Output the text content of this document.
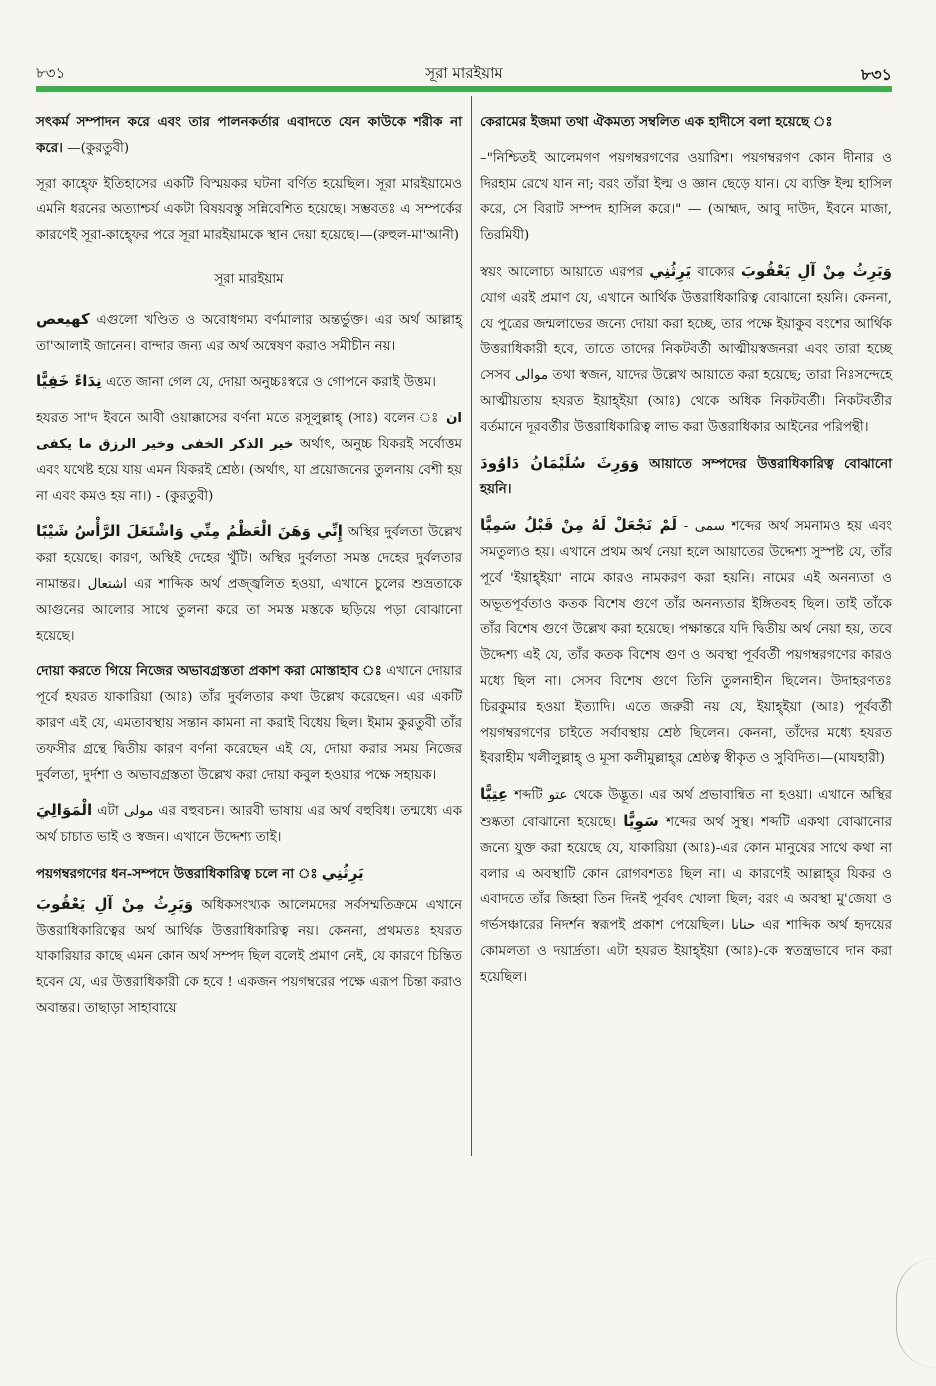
৮৩১	সূরা মারইয়াম	৮৩১

সৎকর্ম সম্পাদন করে এবং তার পালনকর্তার এবাদতে যেন কাউকে শরীক না করে। —(কুরতুবী)

সূরা কাহ্ফে ইতিহাসের একটি বিস্ময়কর ঘটনা বর্ণিত হয়েছিল। সূরা মারইয়ামেও এমনি ধরনের অত্যাশ্চর্য একটা বিষয়বস্তু সন্নিবেশিত হয়েছে। সম্ভবতঃ এ সম্পর্কের কারণেই সূরা-কাহ্ফের পরে সূরা মারইয়ামকে স্থান দেয়া হয়েছে।—(রুহুল-মা'আনী)

সূরা মারইয়াম

كهيعص এগুলো খণ্ডিত ও অবোধগম্য বর্ণমালার অন্তর্ভুক্ত। এর অর্থ আল্লাহ্ তা'আলাই জানেন। বান্দার জন্য এর অর্থ অন্বেষণ করাও সমীচীন নয়।

نِدَاءً خَفِيًّا এতে জানা গেল যে, দোয়া অনুচ্চঃস্বরে ও গোপনে করাই উত্তম।

হযরত সা'দ ইবনে আবী ওয়াক্কাসের বর্ণনা মতে রসূলুল্লাহ্ (সাঃ) বলেন ঃ ان خير الذكر الخفى وخير الرزق ما يكفى অর্থাৎ, অনুচ্চ যিকরই সর্বোত্তম এবং যথেষ্ট হয়ে যায় এমন যিকরই শ্রেষ্ঠ। (অর্থাৎ, যা প্রয়োজনের তুলনায় বেশী হয় না এবং কমও হয় না।) - (কুরতুবী)

إِنِّي وَهَنَ الْعَظْمُ مِنِّي وَاشْتَعَلَ الرَّأْسُ شَيْبًا অস্থির দুর্বলতা উল্লেখ করা হয়েছে। কারণ, অস্থিই দেহের খুঁটি। অস্থির দুর্বলতা সমস্ত দেহের দুর্বলতার নামান্তর। اشتعال এর শাব্দিক অর্থ প্রজ্জ্বলিত হওয়া, এখানে চুলের শুভ্রতাকে আগুনের আলোর সাথে তুলনা করে তা সমস্ত মস্তকে ছড়িয়ে পড়া বোঝানো হয়েছে।

দোয়া করতে গিয়ে নিজের অভাবগ্রস্ততা প্রকাশ করা মোস্তাহাব ঃ এখানে দোয়ার পূর্বে হযরত যাকারিয়া (আঃ) তাঁর দুর্বলতার কথা উল্লেখ করেছেন। এর একটি কারণ এই যে, এমতাবস্থায় সন্তান কামনা না করাই বিধেয় ছিল। ইমাম কুরতুবী তাঁর তফসীর গ্রন্থে দ্বিতীয় কারণ বর্ণনা করেছেন এই যে, দোয়া করার সময় নিজের দুর্বলতা, দুর্দশা ও অভাবগ্রস্ততা উল্লেখ করা দোয়া কবুল হওয়ার পক্ষে সহায়ক।

الْمَوَالِيَ এটা مولى এর বহুবচন। আরবী ভাষায় এর অর্থ বহুবিধ। তন্মধ্যে এক অর্থ চাচাত ভাই ও স্বজন। এখানে উদ্দেশ্য তাই।

পয়গম্বরগণের ধন-সম্পদে উত্তরাধিকারিত্ব চলে না ঃ يَرِثُنِي

وَيَرِثُ مِنْ آلِ يَعْقُوبَ অধিকসংখ্যক আলেমদের সর্বসম্মতিক্রমে এখানে উত্তরাধিকারিত্বের অর্থ আর্থিক উত্তরাধিকারিত্ব নয়। কেননা, প্রথমতঃ হযরত যাকারিয়ার কাছে এমন কোন অর্থ সম্পদ ছিল বলেই প্রমাণ নেই, যে কারণে চিন্তিত হবেন যে, এর উত্তরাধিকারী কে হবে ! একজন পয়গম্বরের পক্ষে এরূপ চিন্তা করাও অবান্তর। তাছাড়া সাহাবায়ে

কেরামের ইজমা তথা ঐকমত্য সম্বলিত এক হাদীসে বলা হয়েছে ঃ

–"নিশ্চিতই আলেমগণ পয়গম্বরগণের ওয়ারিশ। পয়গম্বরগণ কোন দীনার ও দিরহাম রেখে যান না; বরং তাঁরা ইল্ম ও জ্ঞান ছেড়ে যান। যে ব্যক্তি ইল্ম হাসিল করে, সে বিরাট সম্পদ হাসিল করে।" — (আহ্মদ, আবু দাউদ, ইবনে মাজা, তিরমিযী)

স্বয়ং আলোচ্য আয়াতে এরপর يَرِثُنِي বাক্যের وَيَرِثُ مِنْ آلِ يَعْقُوبَ যোগ এরই প্রমাণ যে, এখানে আর্থিক উত্তরাধিকারিত্ব বোঝানো হয়নি। কেননা, যে পুত্রের জন্মলাভের জন্যে দোয়া করা হচ্ছে, তার পক্ষে ইয়াকুব বংশের আর্থিক উত্তরাধিকারী হবে, তাতে তাদের নিকটবর্তী আত্মীয়স্বজনরা এবং তারা হচ্ছে সেসব موالى তথা স্বজন, যাদের উল্লেখ আয়াতে করা হয়েছে; তারা নিঃসন্দেহে আত্মীয়তায় হযরত ইয়াহ্ইয়া (আঃ) থেকে অধিক নিকটবর্তী। নিকটবর্তীর বর্তমানে দূরবর্তীর উত্তরাধিকারিত্ব লাভ করা উত্তরাধিকার আইনের পরিপন্থী।

وَوَرِثَ سُلَيْمَانُ دَاوُودَ আয়াতে সম্পদের উত্তরাধিকারিত্ব বোঝানো হয়নি।

لَمْ نَجْعَلْ لَهُ مِنْ قَبْلُ سَمِيًّا - سمى শব্দের অর্থ সমনামও হয় এবং সমতুল্যও হয়। এখানে প্রথম অর্থ নেয়া হলে আয়াতের উদ্দেশ্য সুস্পষ্ট যে, তাঁর পূর্বে 'ইয়াহ্ইয়া' নামে কারও নামকরণ করা হয়নি। নামের এই অনন্যতা ও অভূতপূর্বতাও কতক বিশেষ গুণে তাঁর অনন্যতার ইঙ্গিতবহ ছিল। তাই তাঁকে তাঁর বিশেষ গুণে উল্লেখ করা হয়েছে। পক্ষান্তরে যদি দ্বিতীয় অর্থ নেয়া হয়, তবে উদ্দেশ্য এই যে, তাঁর কতক বিশেষ গুণ ও অবস্থা পূর্ববর্তী পয়গম্বরগণের কারও মধ্যে ছিল না। সেসব বিশেষ গুণে তিনি তুলনাহীন ছিলেন। উদাহরণতঃ চিরকুমার হওয়া ইত্যাদি। এতে জরুরী নয় যে, ইয়াহ্ইয়া (আঃ) পূর্ববর্তী পয়গম্বরগণের চাইতে সর্বাবস্থায় শ্রেষ্ঠ ছিলেন। কেননা, তাঁদের মধ্যে হযরত ইবরাহীম খলীলুল্লাহ্ ও মূসা কলীমুল্লাহ্‌র শ্রেষ্ঠত্ব স্বীকৃত ও সুবিদিত।—(মাযহারী)

عِتِيًّا শব্দটি عتو থেকে উদ্ভূত। এর অর্থ প্রভাবান্বিত না হওয়া। এখানে অস্থির শুষ্কতা বোঝানো হয়েছে। سَوِيًّا শব্দের অর্থ সুস্থ। শব্দটি একথা বোঝানোর জন্যে যুক্ত করা হয়েছে যে, যাকারিয়া (আঃ)-এর কোন মানুষের সাথে কথা না বলার এ অবস্থাটি কোন রোগবশতঃ ছিল না। এ কারণেই আল্লাহ্‌র যিকর ও এবাদতে তাঁর জিহ্বা তিন দিনই পূর্ববৎ খোলা ছিল; বরং এ অবস্থা মু'জেযা ও গর্ভসঞ্চারের নিদর্শন স্বরূপই প্রকাশ পেয়েছিল। حنانا এর শাব্দিক অর্থ হৃদয়ের কোমলতা ও দয়ার্দ্রতা। এটা হযরত ইয়াহ্ইয়া (আঃ)-কে স্বতন্ত্রভাবে দান করা হয়েছিল।
